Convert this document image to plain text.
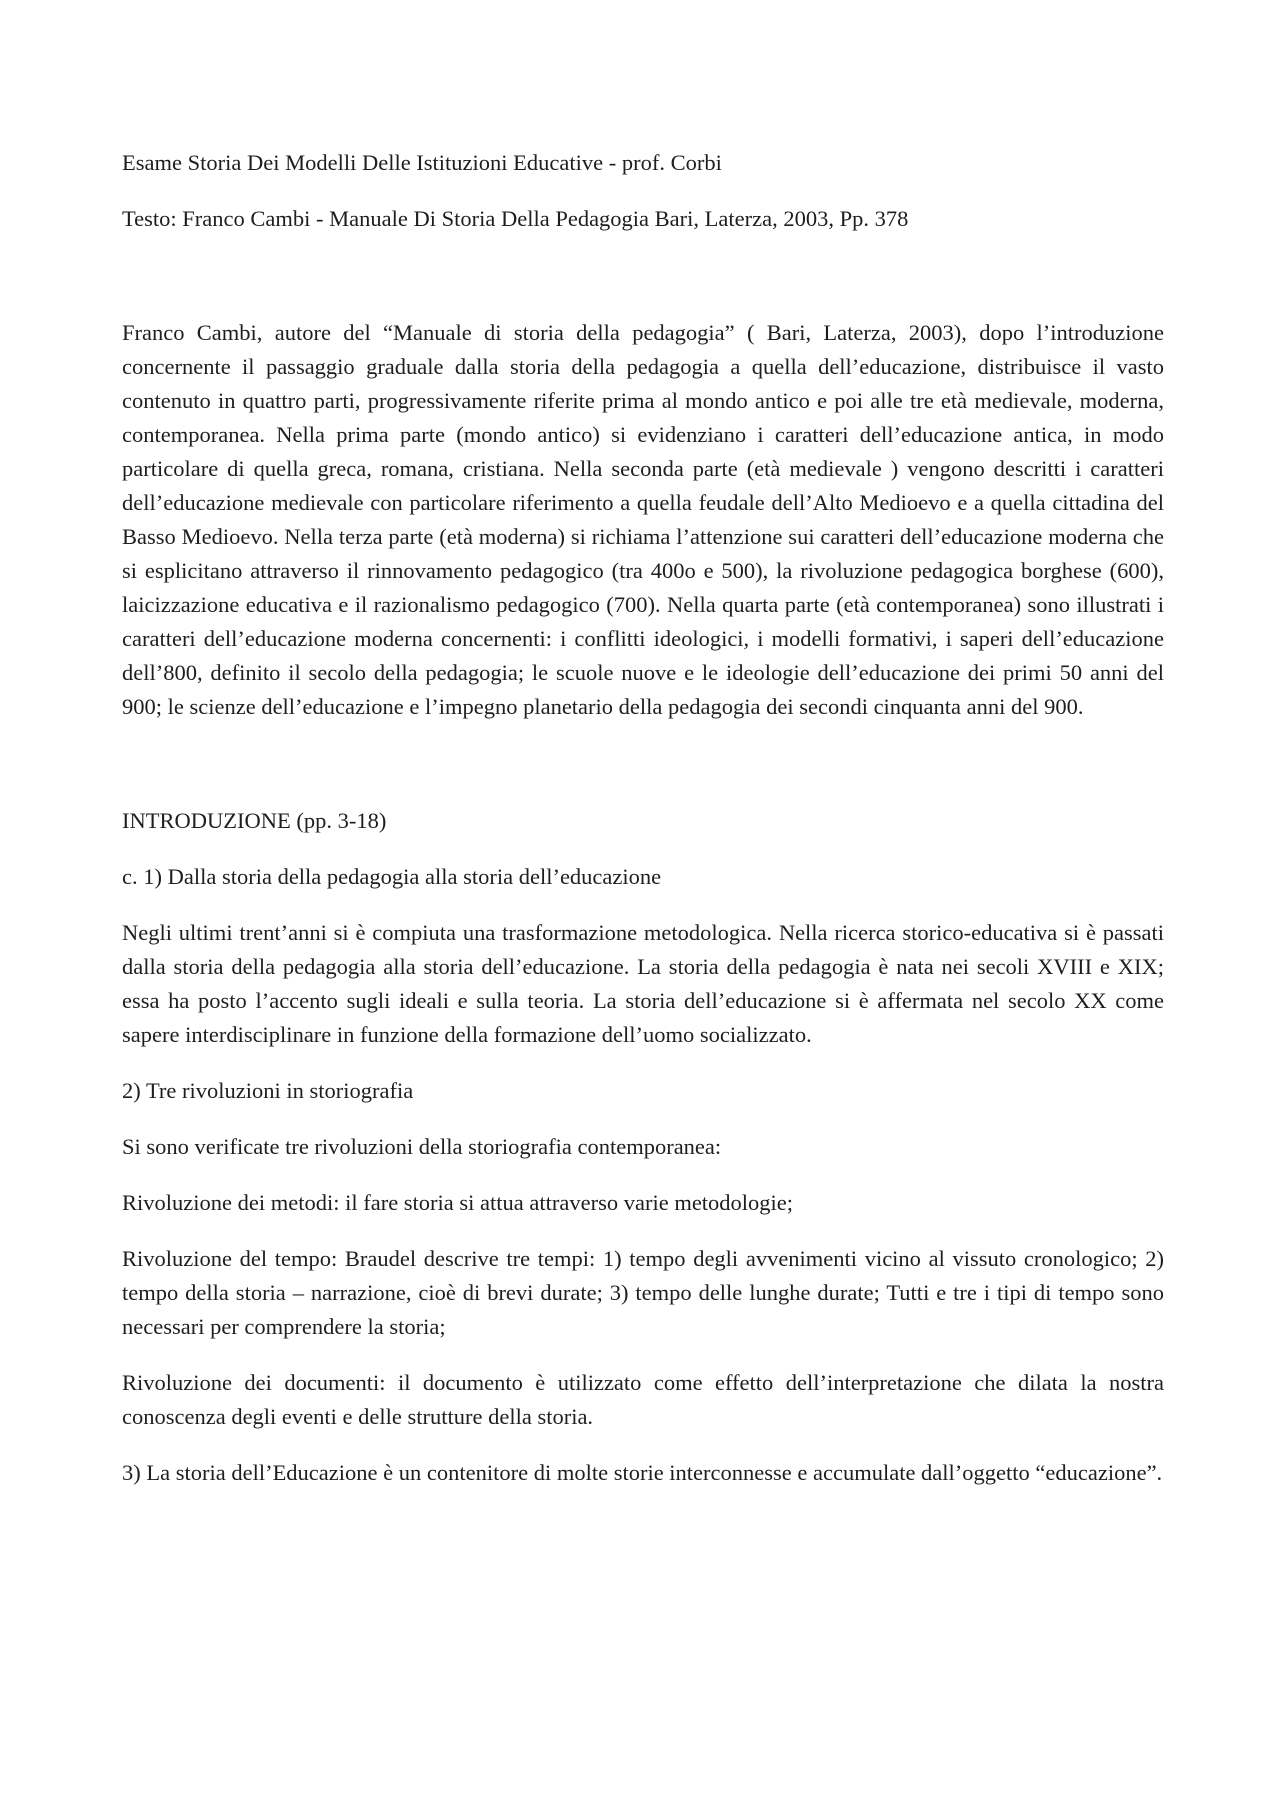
Esame Storia Dei Modelli Delle Istituzioni Educative - prof. Corbi

Testo: Franco Cambi - Manuale Di Storia Della Pedagogia Bari, Laterza, 2003, Pp. 378

Franco Cambi, autore del “Manuale di storia della pedagogia” ( Bari, Laterza, 2003), dopo l’introduzione concernente il passaggio graduale dalla storia della pedagogia a quella dell’educazione, distribuisce il vasto contenuto in quattro parti, progressivamente riferite prima al mondo antico e poi alle tre età medievale, moderna, contemporanea. Nella prima parte (mondo antico) si evidenziano i caratteri dell’educazione antica, in modo particolare di quella greca, romana, cristiana. Nella seconda parte (età medievale ) vengono descritti i caratteri dell’educazione medievale con particolare riferimento a quella feudale dell’Alto Medioevo e a quella cittadina del Basso Medioevo. Nella terza parte (età moderna) si richiama l’attenzione sui caratteri dell’educazione moderna che si esplicitano attraverso il rinnovamento pedagogico (tra 400o e 500), la rivoluzione pedagogica borghese (600), laicizzazione educativa e il razionalismo pedagogico (700). Nella quarta parte (età contemporanea) sono illustrati i caratteri dell’educazione moderna concernenti: i conflitti ideologici, i modelli formativi, i saperi dell’educazione dell’800, definito il secolo della pedagogia; le scuole nuove e le ideologie dell’educazione dei primi 50 anni del 900; le scienze dell’educazione e l’impegno planetario della pedagogia dei secondi cinquanta anni del 900.

INTRODUZIONE (pp. 3-18)

c. 1) Dalla storia della pedagogia alla storia dell’educazione

Negli ultimi trent’anni si è compiuta una trasformazione metodologica. Nella ricerca storico-educativa si è passati dalla storia della pedagogia alla storia dell’educazione. La storia della pedagogia è nata nei secoli XVIII e XIX; essa ha posto l’accento sugli ideali e sulla teoria. La storia dell’educazione si è affermata nel secolo XX come sapere interdisciplinare in funzione della formazione dell’uomo socializzato.

2) Tre rivoluzioni in storiografia

Si sono verificate tre rivoluzioni della storiografia contemporanea:

Rivoluzione dei metodi: il fare storia si attua attraverso varie metodologie;

Rivoluzione del tempo: Braudel descrive tre tempi: 1) tempo degli avvenimenti vicino al vissuto cronologico; 2) tempo della storia – narrazione, cioè di brevi durate; 3) tempo delle lunghe durate; Tutti e tre i tipi di tempo sono necessari per comprendere la storia;

Rivoluzione dei documenti: il documento è utilizzato come effetto dell’interpretazione che dilata la nostra conoscenza degli eventi e delle strutture della storia.

3) La storia dell’Educazione è un contenitore di molte storie interconnesse e accumulate dall’oggetto “educazione”.
